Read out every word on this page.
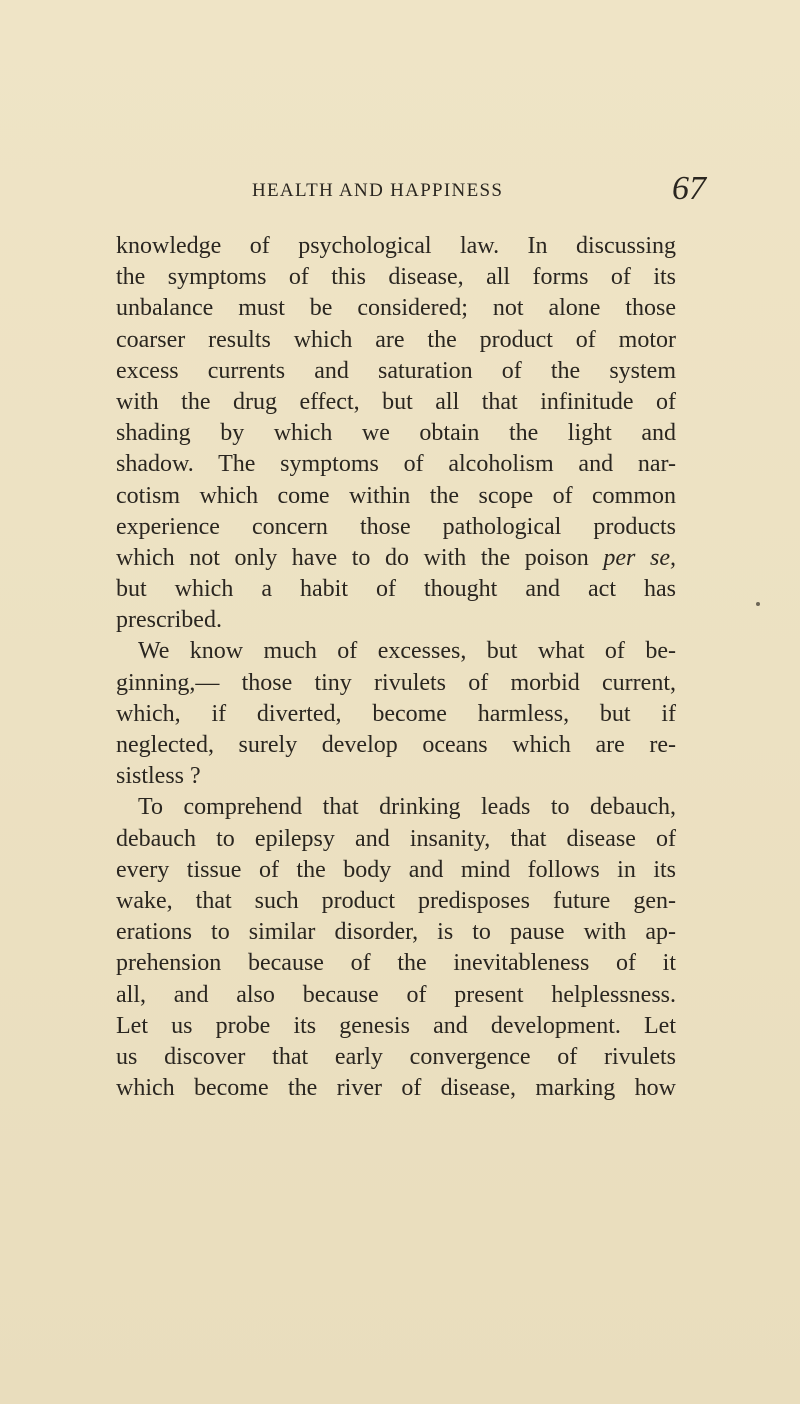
HEALTH AND HAPPINESS	67
knowledge of psychological law. In discussing
the symptoms of this disease, all forms of its
unbalance must be considered; not alone those
coarser results which are the product of motor
excess currents and saturation of the system
with the drug effect, but all that infinitude of
shading by which we obtain the light and
shadow. The symptoms of alcoholism and nar-
cotism which come within the scope of common
experience concern those pathological products
which not only have to do with the poison per se,
but which a habit of thought and act has
prescribed.
We know much of excesses, but what of be-
ginning,— those tiny rivulets of morbid current,
which, if diverted, become harmless, but if
neglected, surely develop oceans which are re-
sistless ?
To comprehend that drinking leads to debauch,
debauch to epilepsy and insanity, that disease of
every tissue of the body and mind follows in its
wake, that such product predisposes future gen-
erations to similar disorder, is to pause with ap-
prehension because of the inevitableness of it
all, and also because of present helplessness.
Let us probe its genesis and development. Let
us discover that early convergence of rivulets
which become the river of disease, marking how
